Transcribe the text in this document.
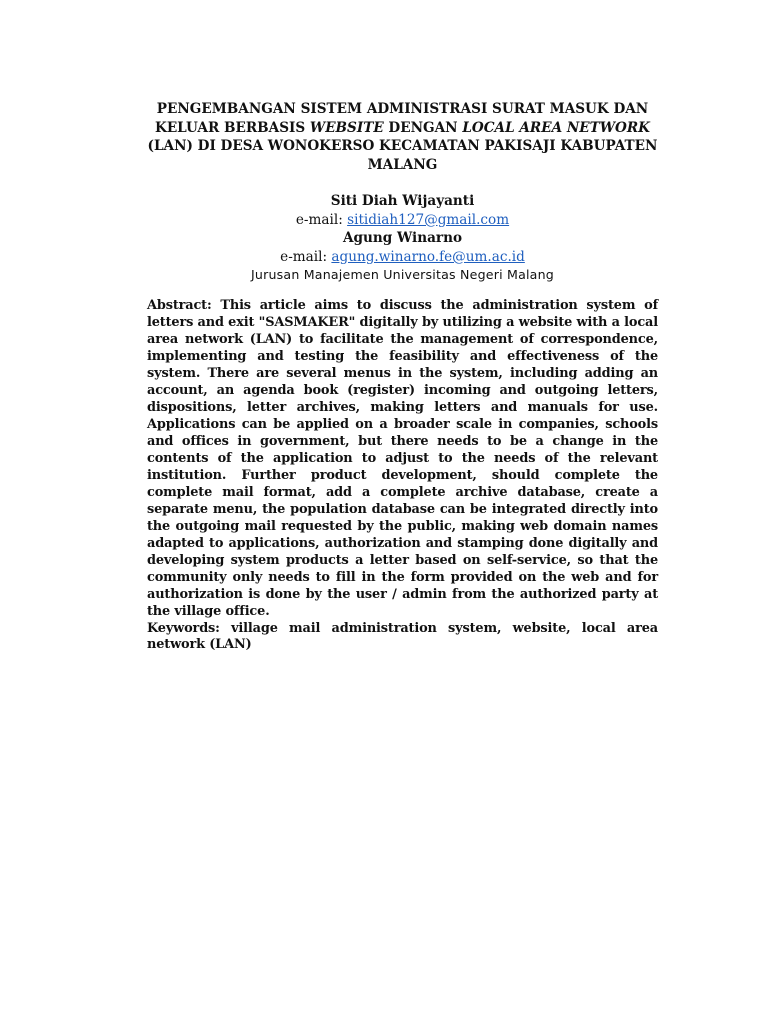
PENGEMBANGAN SISTEM ADMINISTRASI SURAT MASUK DAN KELUAR BERBASIS WEBSITE DENGAN LOCAL AREA NETWORK (LAN) DI DESA WONOKERSO KECAMATAN PAKISAJI KABUPATEN MALANG
Siti Diah Wijayanti
e-mail: sitidiah127@gmail.com
Agung Winarno
e-mail: agung.winarno.fe@um.ac.id
Jurusan Manajemen Universitas Negeri Malang

Abstract: This article aims to discuss the administration system of letters and exit "SASMAKER" digitally by utilizing a website with a local area network (LAN) to facilitate the management of correspondence, implementing and testing the feasibility and effectiveness of the system. There are several menus in the system, including adding an account, an agenda book (register) incoming and outgoing letters, dispositions, letter archives, making letters and manuals for use. Applications can be applied on a broader scale in companies, schools and offices in government, but there needs to be a change in the contents of the application to adjust to the needs of the relevant institution. Further product development, should complete the complete mail format, add a complete archive database, create a separate menu, the population database can be integrated directly into the outgoing mail requested by the public, making web domain names adapted to applications, authorization and stamping done digitally and developing system products a letter based on self-service, so that the community only needs to fill in the form provided on the web and for authorization is done by the user / admin from the authorized party at the village office.

Keywords: village mail administration system, website, local area network (LAN)
